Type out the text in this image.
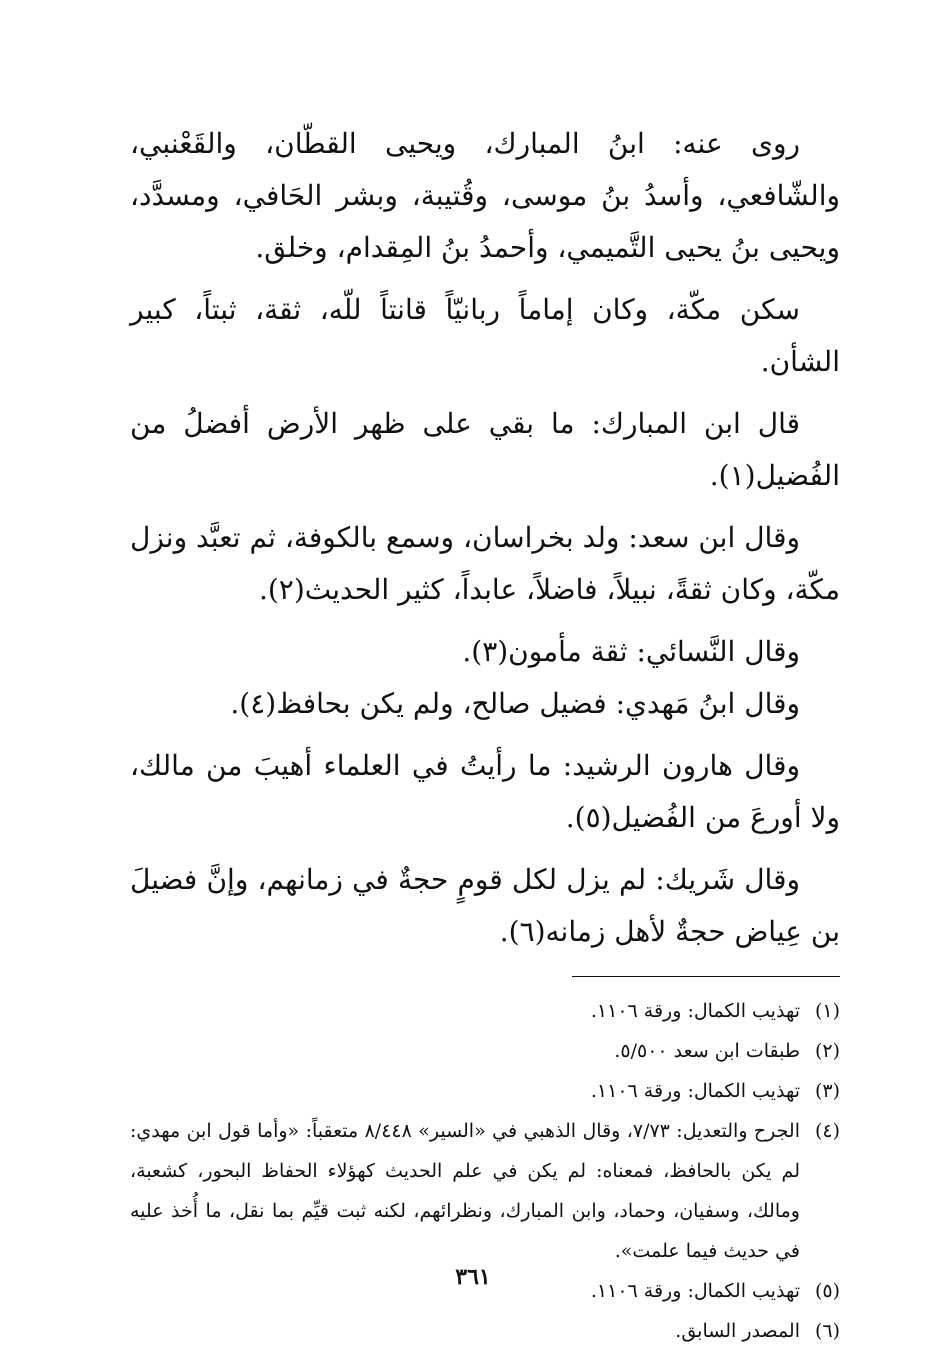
روى عنه: ابنُ المبارك، ويحيى القطّان، والقَعْنبي، والشّافعي، وأسدُ بنُ موسى، وقُتيبة، وبشر الحَافي، ومسدَّد، ويحيى بنُ يحيى التَّميمي، وأحمدُ بنُ المِقدام، وخلق.

سكن مكّة، وكان إماماً ربانيّاً قانتاً للّه، ثقة، ثبتاً، كبير الشأن.

قال ابن المبارك: ما بقي على ظهر الأرض أفضلُ من الفُضيل(١).

وقال ابن سعد: ولد بخراسان، وسمع بالكوفة، ثم تعبَّد ونزل مكّة، وكان ثقةً، نبيلاً، فاضلاً، عابداً، كثير الحديث(٢).

وقال النَّسائي: ثقة مأمون(٣).

وقال ابنُ مَهدي: فضيل صالح، ولم يكن بحافظ(٤).

وقال هارون الرشيد: ما رأيتُ في العلماء أهيبَ من مالك، ولا أورعَ من الفُضيل(٥).

وقال شَريك: لم يزل لكل قومٍ حجةٌ في زمانهم، وإنَّ فضيلَ بن عِياض حجةٌ لأهل زمانه(٦).

(١)
تهذيب الكمال: ورقة ١١٠٦.
(٢)
طبقات ابن سعد ٥/٥٠٠.
(٣)
تهذيب الكمال: ورقة ١١٠٦.
(٤)
الجرح والتعديل: ٧/٧٣، وقال الذهبي في «السير» ٨/٤٤٨ متعقباً: «وأما قول ابن مهدي: لم يكن بالحافظ، فمعناه: لم يكن في علم الحديث كهؤلاء الحفاظ البحور، كشعبة، ومالك، وسفيان، وحماد، وابن المبارك، ونظرائهم، لكنه ثبت قيِّم بما نقل، ما أُخذ عليه في حديث فيما علمت».
(٥)
تهذيب الكمال: ورقة ١١٠٦.
(٦)
المصدر السابق.
٣٦١
